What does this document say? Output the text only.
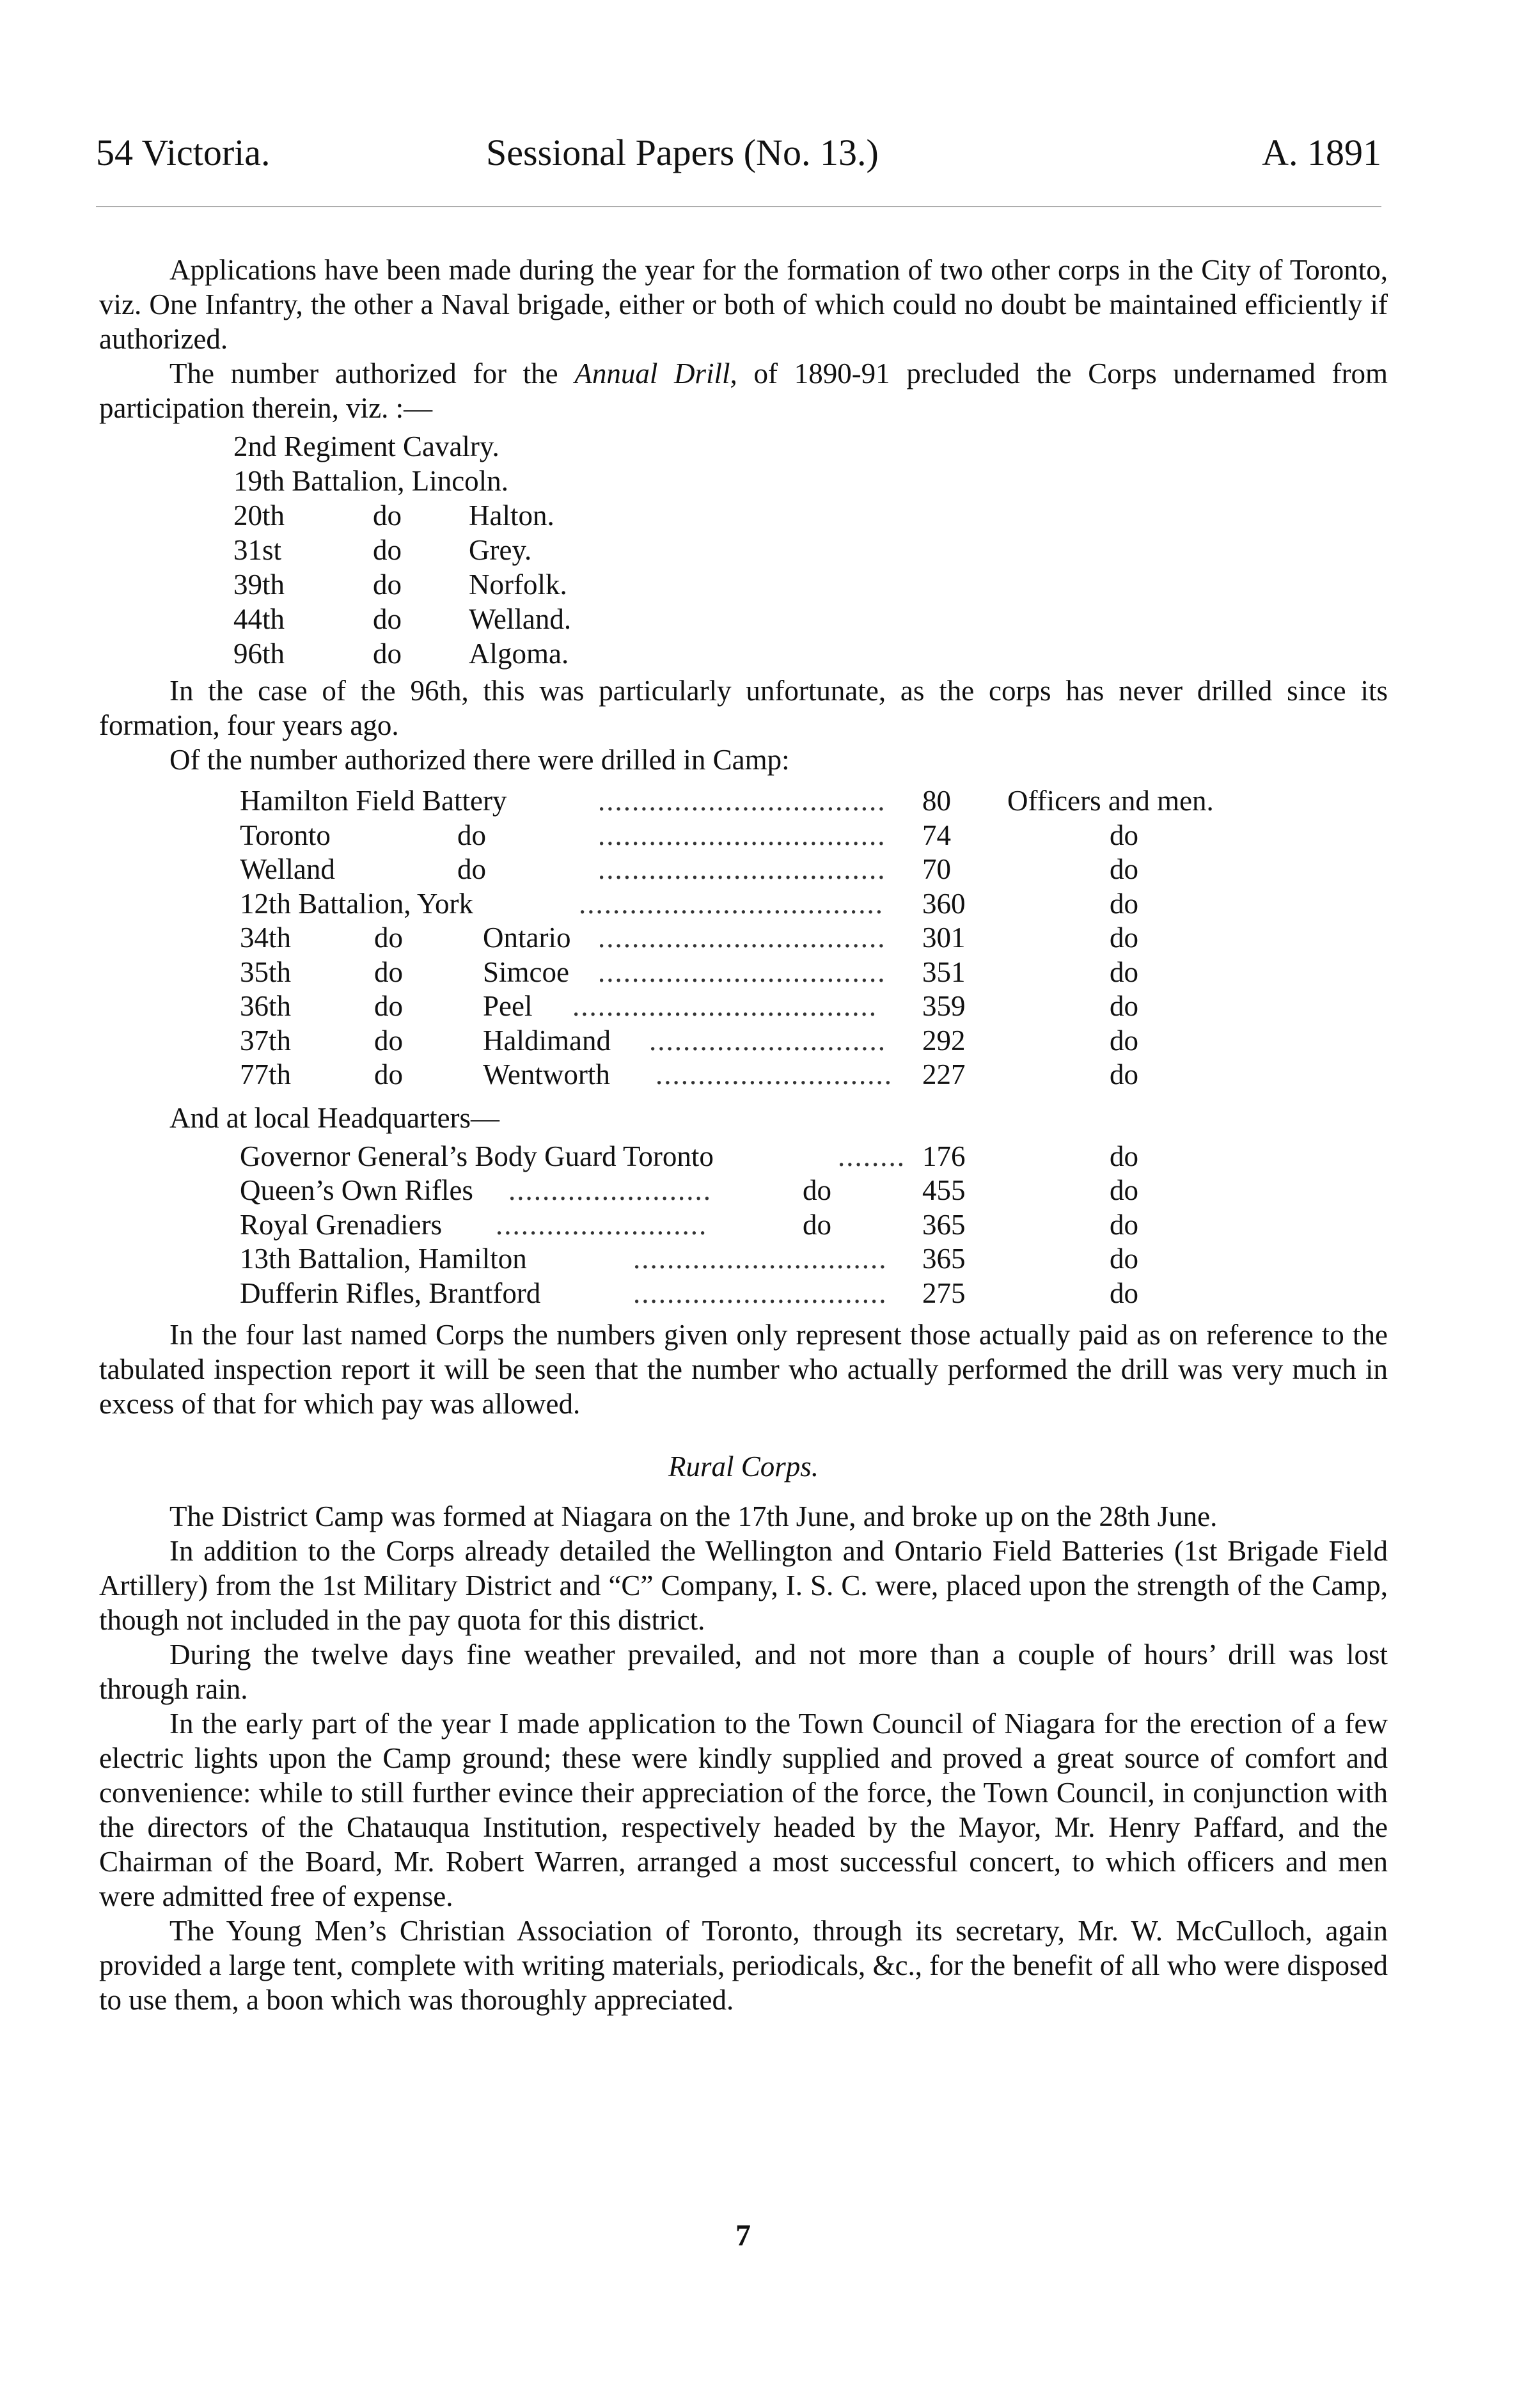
54 Victoria.	Sessional Papers (No. 13.)	A. 1891

Applications have been made during the year for the formation of two other corps in the City of Toronto, viz. One Infantry, the other a Naval brigade, either or both of which could no doubt be maintained efficiently if authorized.

The number authorized for the Annual Drill, of 1890-91 precluded the Corps undernamed from participation therein, viz. :—

2nd Regiment Cavalry.
19th Battalion, Lincoln.
20th	do Halton.
31st	do Grey.
39th	do Norfolk.
44th	do Welland.
96th	do Algoma.

In the case of the 96th, this was particularly unfortunate, as the corps has never drilled since its formation, four years ago.

Of the number authorized there were drilled in Camp:

Hamilton Field Battery	..................................	80	Officers and men.
Toronto	do	..................................	74	do
Welland	do	..................................	70	do
12th Battalion, York	....................................	360	do
34th	do	Ontario ..................................	301	do
35th	do	Simcoe ..................................	351	do
36th	do	Peel ....................................	359	do
37th	do	Haldimand ............................	292	do
77th	do	Wentworth ............................	227	do
And at local Headquarters—
Governor General’s Body Guard Toronto	........ 176	do
Queen’s Own Rifles ........................	do	455	do
Royal Grenadiers .........................	do	365	do
13th Battalion, Hamilton	..............................	365	do
Dufferin Rifles, Brantford	..............................	275	do

In the four last named Corps the numbers given only represent those actually paid as on reference to the tabulated inspection report it will be seen that the number who actually performed the drill was very much in excess of that for which pay was allowed.

Rural Corps.

The District Camp was formed at Niagara on the 17th June, and broke up on the 28th June.

In addition to the Corps already detailed the Wellington and Ontario Field Batteries (1st Brigade Field Artillery) from the 1st Military District and “C” Company, I. S. C. were, placed upon the strength of the Camp, though not included in the pay quota for this district.

During the twelve days fine weather prevailed, and not more than a couple of hours’ drill was lost through rain.

In the early part of the year I made application to the Town Council of Niagara for the erection of a few electric lights upon the Camp ground; these were kindly supplied and proved a great source of comfort and convenience: while to still further evince their appreciation of the force, the Town Council, in conjunction with the directors of the Chatauqua Institution, respectively headed by the Mayor, Mr. Henry Paffard, and the Chairman of the Board, Mr. Robert Warren, arranged a most successful concert, to which officers and men were admitted free of expense.

The Young Men’s Christian Association of Toronto, through its secretary, Mr. W. McCulloch, again provided a large tent, complete with writing materials, periodicals, &c., for the benefit of all who were disposed to use them, a boon which was thoroughly appreciated.

7
